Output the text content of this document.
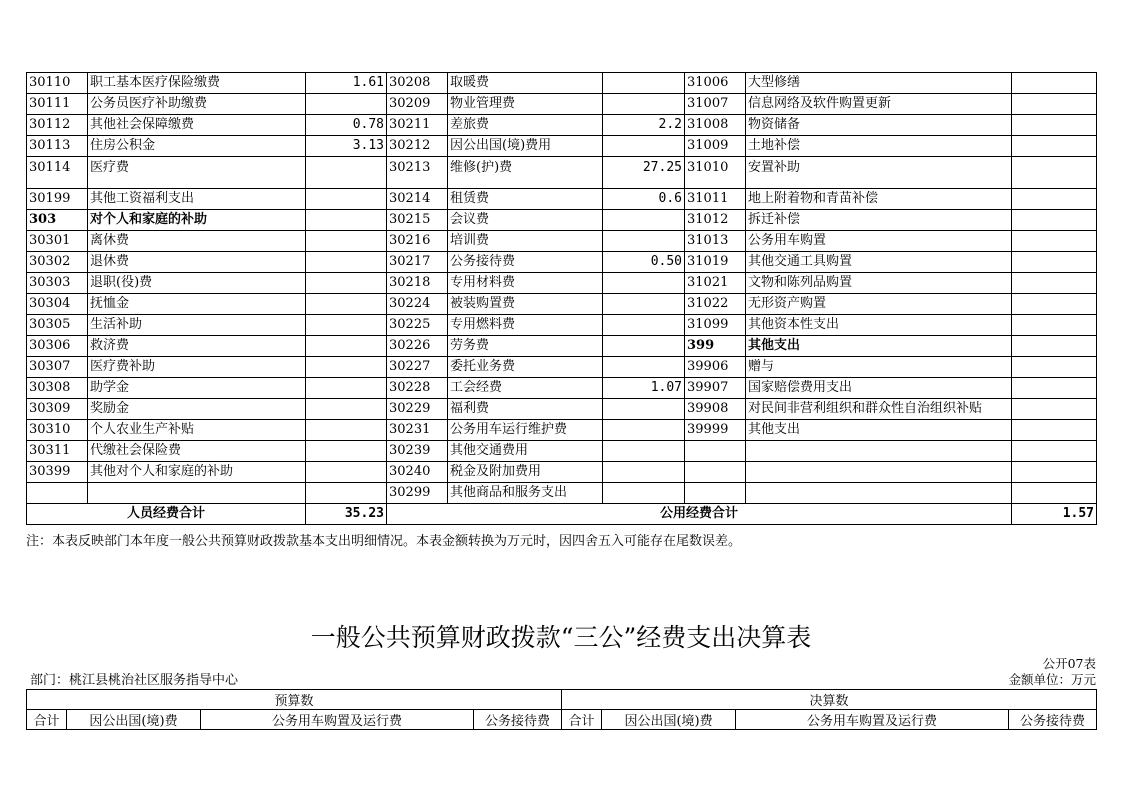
30110	职工基本医疗保险缴费	1.61	30208	取暖费		31006	大型修缮	
30111	公务员医疗补助缴费		30209	物业管理费		31007	信息网络及软件购置更新	
30112	其他社会保障缴费	0.78	30211	差旅费	2.2	31008	物资储备	
30113	住房公积金	3.13	30212	因公出国(境)费用		31009	土地补偿	
30114	医疗费		30213	维修(护)费	27.25	31010	安置补助	
30199	其他工资福利支出		30214	租赁费	0.6	31011	地上附着物和青苗补偿	
303	对个人和家庭的补助		30215	会议费		31012	拆迁补偿	
30301	离休费		30216	培训费		31013	公务用车购置	
30302	退休费		30217	公务接待费	0.50	31019	其他交通工具购置	
30303	退职(役)费		30218	专用材料费		31021	文物和陈列品购置	
30304	抚恤金		30224	被装购置费		31022	无形资产购置	
30305	生活补助		30225	专用燃料费		31099	其他资本性支出	
30306	救济费		30226	劳务费		399	其他支出	
30307	医疗费补助		30227	委托业务费		39906	赠与	
30308	助学金		30228	工会经费	1.07	39907	国家赔偿费用支出	
30309	奖励金		30229	福利费		39908	对民间非营利组织和群众性自治组织补贴	
30310	个人农业生产补贴		30231	公务用车运行维护费		39999	其他支出	
30311	代缴社会保险费		30239	其他交通费用				
30399	其他对个人和家庭的补助		30240	税金及附加费用				
			30299	其他商品和服务支出				
人员经费合计		35.23	公用经费合计					1.57
注：本表反映部门本年度一般公共预算财政拨款基本支出明细情况。本表金额转换为万元时，因四舍五入可能存在尾数误差。
一般公共预算财政拨款“三公”经费支出决算表
公开07表
部门：桃江县桃治社区服务指导中心	金额单位：万元
预算数				决算数			
合计	因公出国(境)费	公务用车购置及运行费	公务接待费	合计	因公出国(境)费	公务用车购置及运行费	公务接待费
